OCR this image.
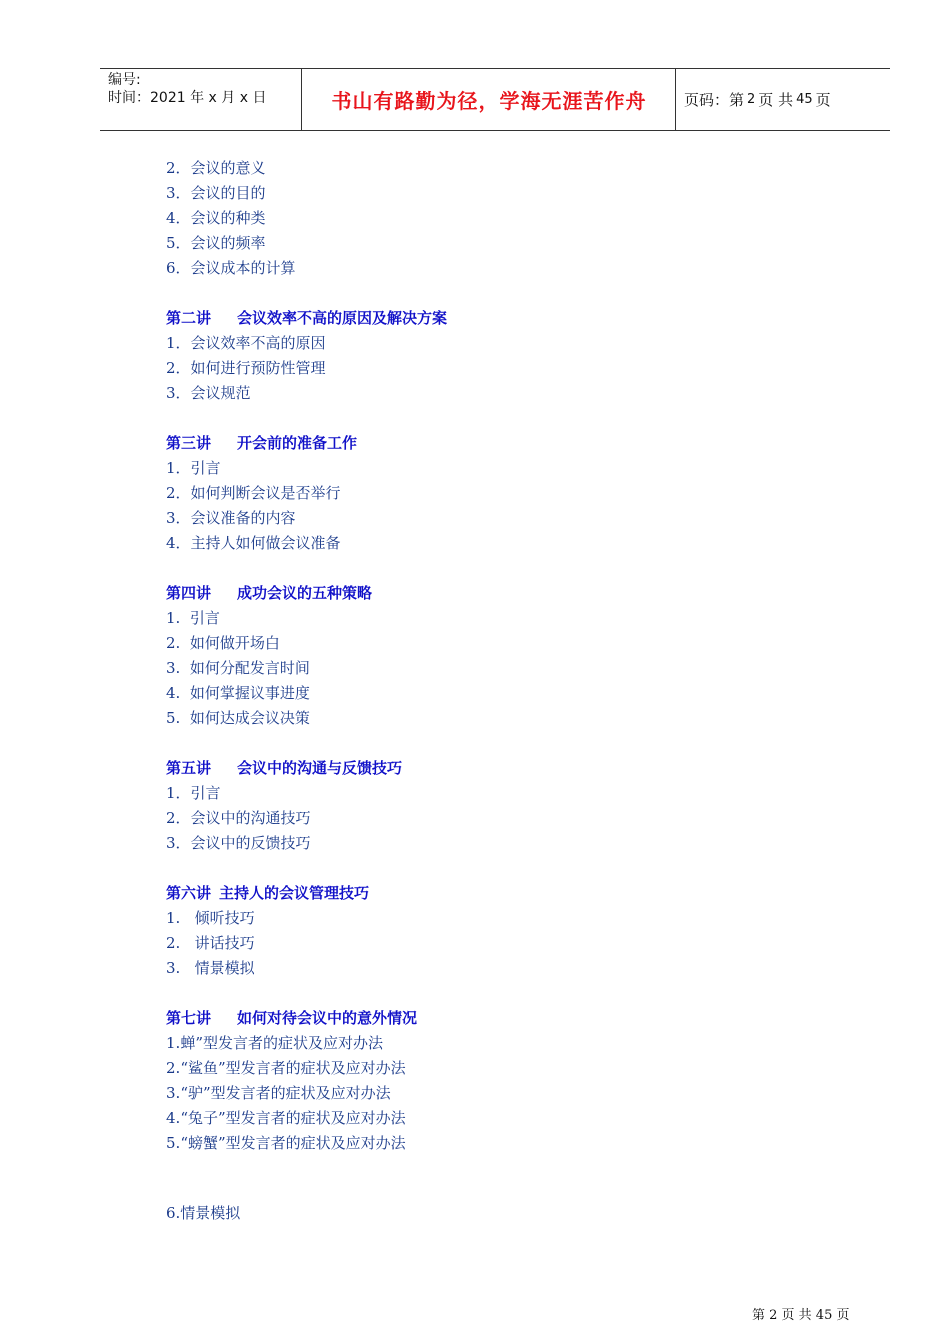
编号:
时间：2021 年 x 月 x 日	书山有路勤为径，学海无涯苦作舟	页码：第 2 页 共 45 页
2．会议的意义
3．会议的目的
4．会议的种类
5．会议的频率
6．会议成本的计算
第二讲 会议效率不高的原因及解决方案
1．会议效率不高的原因
2．如何进行预防性管理
3．会议规范
第三讲 开会前的准备工作
1．引言
2．如何判断会议是否举行
3．会议准备的内容
4．主持人如何做会议准备
第四讲 成功会议的五种策略
1.  引言
2.  如何做开场白
3.  如何分配发言时间
4.  如何掌握议事进度
5.  如何达成会议决策
第五讲 会议中的沟通与反馈技巧
1．引言
2．会议中的沟通技巧
3．会议中的反馈技巧
第六讲 主持人的会议管理技巧
1.   倾听技巧
2.   讲话技巧
3.   情景模拟
第七讲 如何对待会议中的意外情况
1.蝉”型发言者的症状及应对办法
2.“鲨鱼”型发言者的症状及应对办法
3.“驴”型发言者的症状及应对办法
4.“兔子”型发言者的症状及应对办法
5.“螃蟹”型发言者的症状及应对办法
6.情景模拟
第 2 页 共 45 页
